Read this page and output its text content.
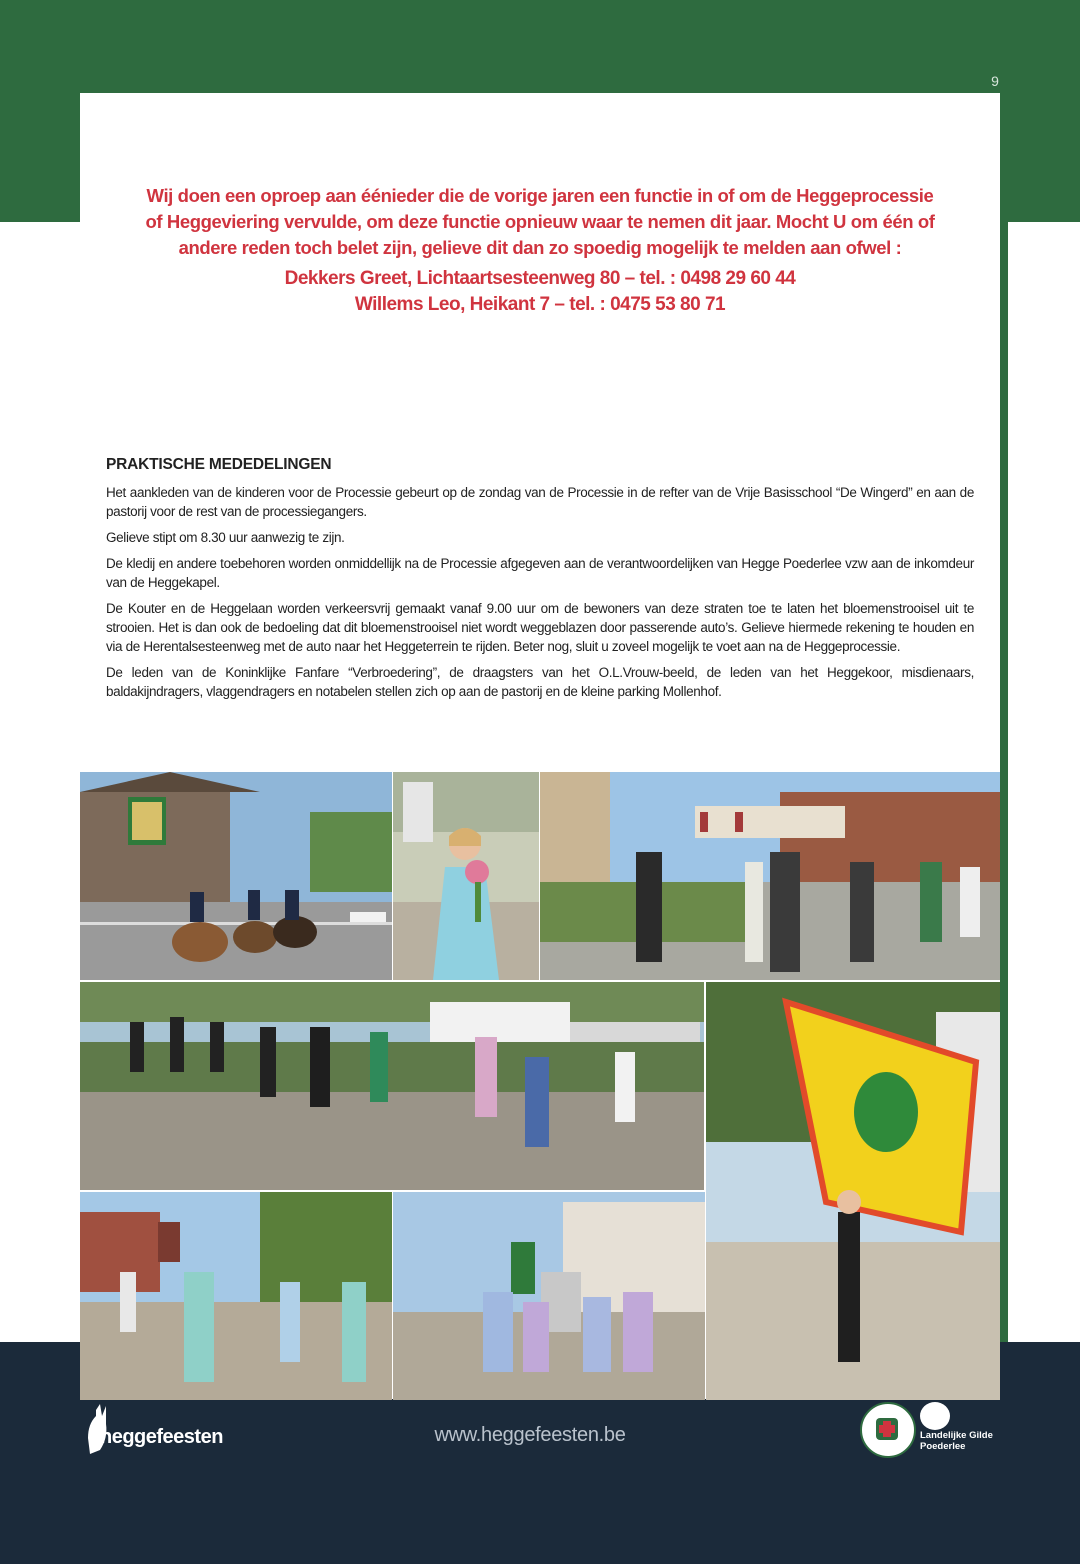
9
Wij doen een oproep aan éénieder die de vorige jaren een functie in of om de Heggeprocessie
of Heggeviering vervulde, om deze functie opnieuw waar te nemen dit jaar. Mocht U om één of
andere reden toch belet zijn, gelieve dit dan zo spoedig mogelijk te melden aan ofwel :
Dekkers Greet, Lichtaartsesteenweg 80 – tel. : 0498 29 60 44
Willems Leo, Heikant 7 – tel. : 0475 53 80 71
PRAKTISCHE MEDEDELINGEN

Het aankleden van de kinderen voor de Processie gebeurt op de zondag van de Processie in de refter van de Vrije Basisschool “De Wingerd” en aan de pastorij voor de rest van de processiegangers.

Gelieve stipt om 8.30 uur aanwezig te zijn.

De kledij en andere toebehoren worden onmiddellijk na de Processie afgegeven aan de verantwoordelijken van Hegge Poederlee vzw aan de inkomdeur van de Heggekapel.

De Kouter en de Heggelaan worden verkeersvrij gemaakt vanaf 9.00 uur om de bewoners van deze straten toe te laten het bloemenstrooisel uit te strooien. Het is dan ook de bedoeling dat dit bloemenstrooisel niet wordt weggeblazen door passerende auto’s. Gelieve hiermede rekening te houden en via de Herentalsesteenweg met de auto naar het Heggeterrein te rijden. Beter nog, sluit u zoveel mogelijk te voet aan na de Heggeprocessie.

De leden van de Koninklijke Fanfare “Verbroedering”, de draagsters van het O.L.Vrouw-beeld, de leden van het Heggekoor, misdienaars, baldakijndragers, vlaggendragers en notabelen stellen zich op aan de pastorij en de kleine parking Mollenhof.

heggefeesten	www.heggefeesten.be	Landelijke Gilde
Poederlee
